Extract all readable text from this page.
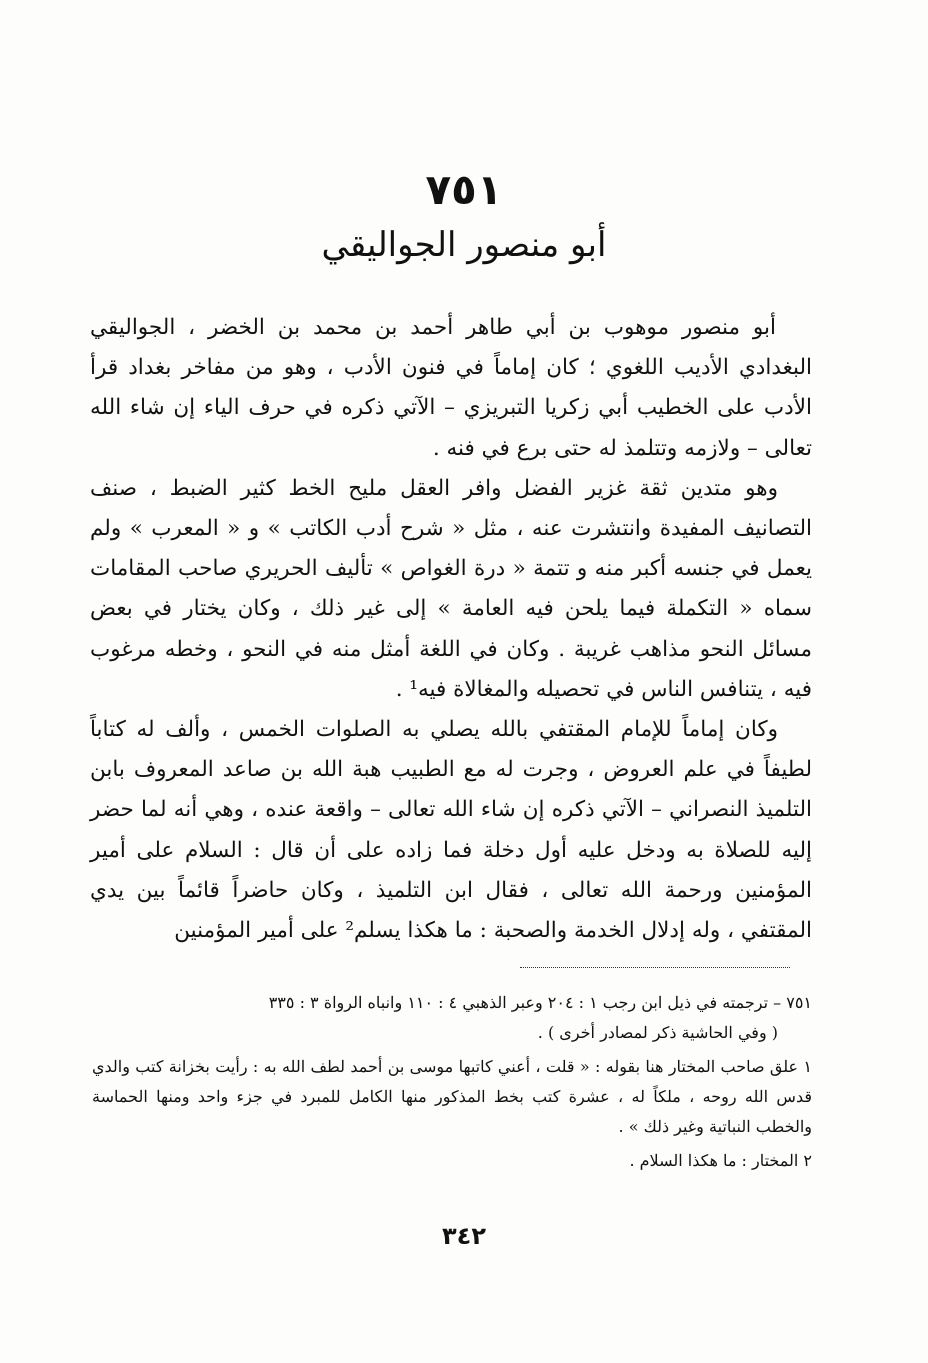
٧٥١
أبو منصور الجواليقي

أبو منصور موهوب بن أبي طاهر أحمد بن محمد بن الخضر ، الجواليقي البغدادي الأديب اللغوي ؛ كان إماماً في فنون الأدب ، وهو من مفاخر بغداد قرأ الأدب على الخطيب أبي زكريا التبريزي – الآتي ذكره في حرف الياء إن شاء الله تعالى – ولازمه وتتلمذ له حتى برع في فنه .

وهو متدين ثقة غزير الفضل وافر العقل مليح الخط كثير الضبط ، صنف التصانيف المفيدة وانتشرت عنه ، مثل « شرح أدب الكاتب » و « المعرب » ولم يعمل في جنسه أكبر منه و تتمة « درة الغواص » تأليف الحريري صاحب المقامات سماه « التكملة فيما يلحن فيه العامة » إلى غير ذلك ، وكان يختار في بعض مسائل النحو مذاهب غريبة . وكان في اللغة أمثل منه في النحو ، وخطه مرغوب فيه ، يتنافس الناس في تحصيله والمغالاة فيه¹ .

وكان إماماً للإمام المقتفي بالله يصلي به الصلوات الخمس ، وألف له كتاباً لطيفاً في علم العروض ، وجرت له مع الطبيب هبة الله بن صاعد المعروف بابن التلميذ النصراني – الآتي ذكره إن شاء الله تعالى – واقعة عنده ، وهي أنه لما حضر إليه للصلاة به ودخل عليه أول دخلة فما زاده على أن قال : السلام على أمير المؤمنين ورحمة الله تعالى ، فقال ابن التلميذ ، وكان حاضراً قائماً بين يدي المقتفي ، وله إدلال الخدمة والصحبة : ما هكذا يسلم² على أمير المؤمنين

٧٥١ – ترجمته في ذيل ابن رجب ١ : ٢٠٤ وعبر الذهبي ٤ : ١١٠ وانباه الرواة ٣ : ٣٣٥
( وفي الحاشية ذكر لمصادر أخرى ) .
١ علق صاحب المختار هنا بقوله : « قلت ، أعني كاتبها موسى بن أحمد لطف الله به : رأيت بخزانة كتب والدي قدس الله روحه ، ملكاً له ، عشرة كتب بخط المذكور منها الكامل للمبرد في جزء واحد ومنها الحماسة والخطب النباتية وغير ذلك » .
٢ المختار : ما هكذا السلام .
٣٤٢
